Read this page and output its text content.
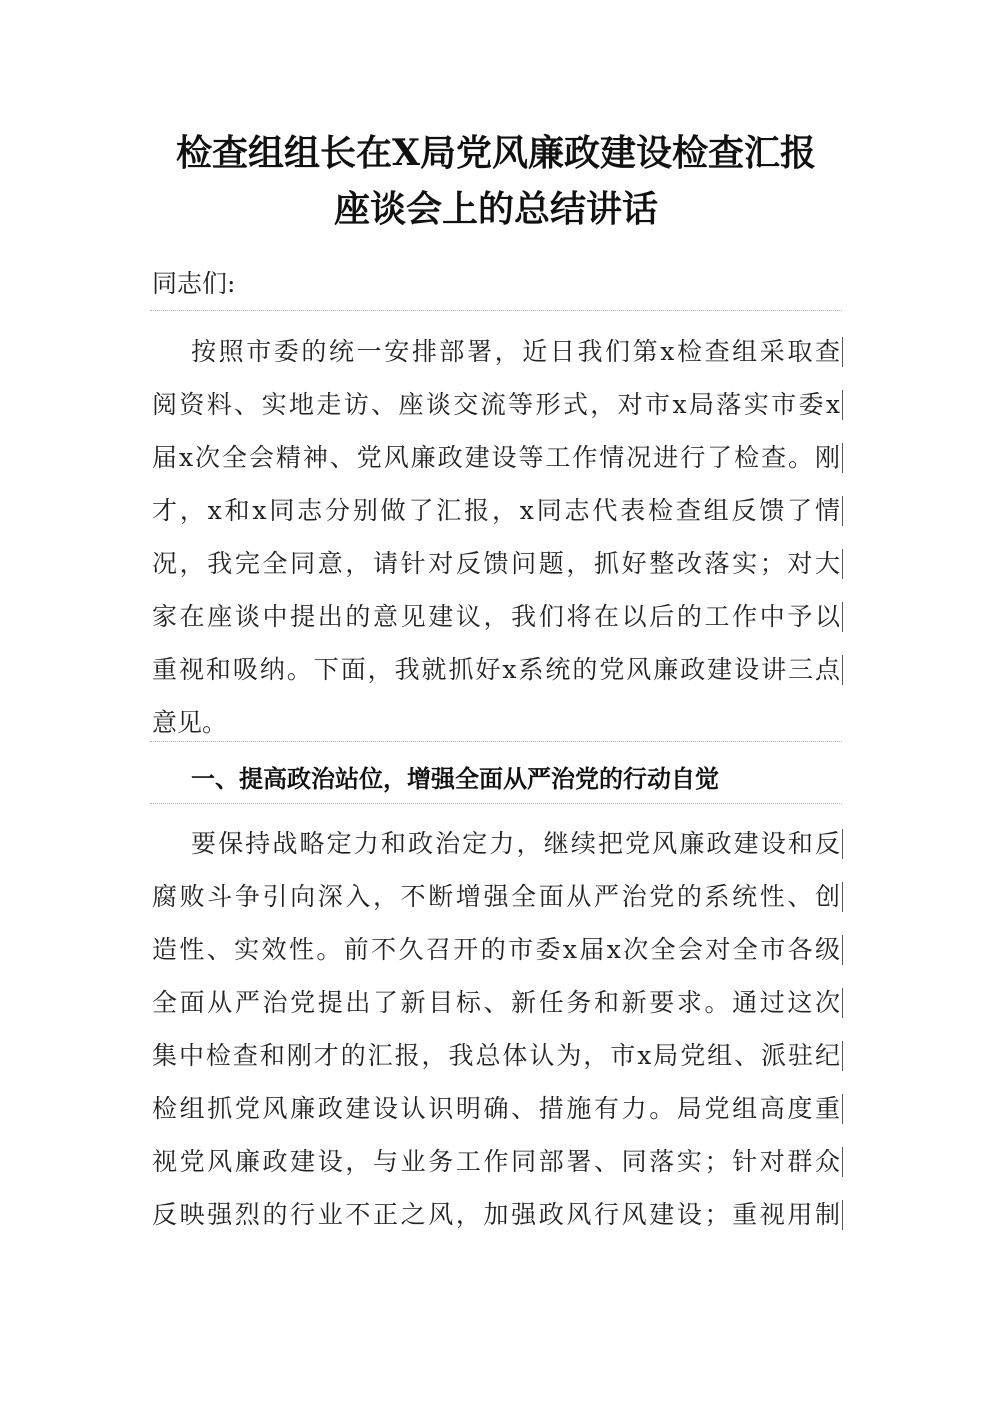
检查组组长在X局党风廉政建设检查汇报
座谈会上的总结讲话
同志们:
按照市委的统一安排部署，近日我们第x检查组采取查
阅资料、实地走访、座谈交流等形式，对市x局落实市委x
届x次全会精神、党风廉政建设等工作情况进行了检查。刚
才，x和x同志分别做了汇报，x同志代表检查组反馈了情
况，我完全同意，请针对反馈问题，抓好整改落实；对大
家在座谈中提出的意见建议，我们将在以后的工作中予以
重视和吸纳。下面，我就抓好x系统的党风廉政建设讲三点
意见。
一、提高政治站位，增强全面从严治党的行动自觉
要保持战略定力和政治定力，继续把党风廉政建设和反
腐败斗争引向深入，不断增强全面从严治党的系统性、创
造性、实效性。前不久召开的市委x届x次全会对全市各级
全面从严治党提出了新目标、新任务和新要求。通过这次
集中检查和刚才的汇报，我总体认为，市x局党组、派驻纪
检组抓党风廉政建设认识明确、措施有力。局党组高度重
视党风廉政建设，与业务工作同部署、同落实；针对群众
反映强烈的行业不正之风，加强政风行风建设；重视用制
